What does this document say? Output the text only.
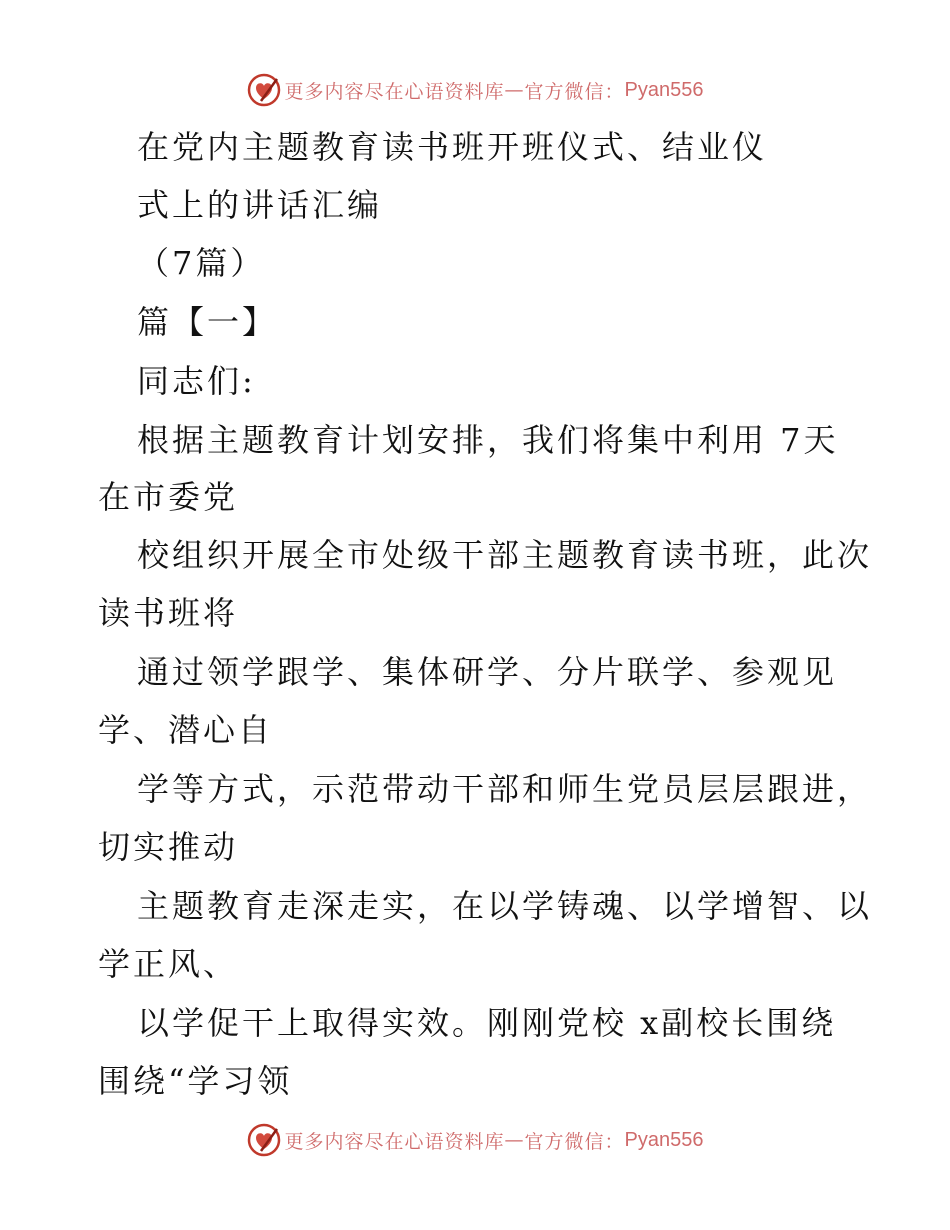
更多内容尽在心语资料库 — 官方微信： Pyan556
在党内主题教育读书班开班仪式、结业仪
式上的讲话汇编
（7篇）
篇【一】
同志们:
根据主题教育计划安排，我们将集中利用 7天
在市委党
校组织开展全市处级干部主题教育读书班，此次
读书班将
通过领学跟学、集体研学、分片联学、参观见
学、潜心自
学等方式，示范带动干部和师生党员层层跟进，
切实推动
主题教育走深走实，在以学铸魂、以学增智、以
学正风、
以学促干上取得实效。刚刚党校 x副校长围绕
围绕“学习领
更多内容尽在心语资料库 — 官方微信： Pyan556
